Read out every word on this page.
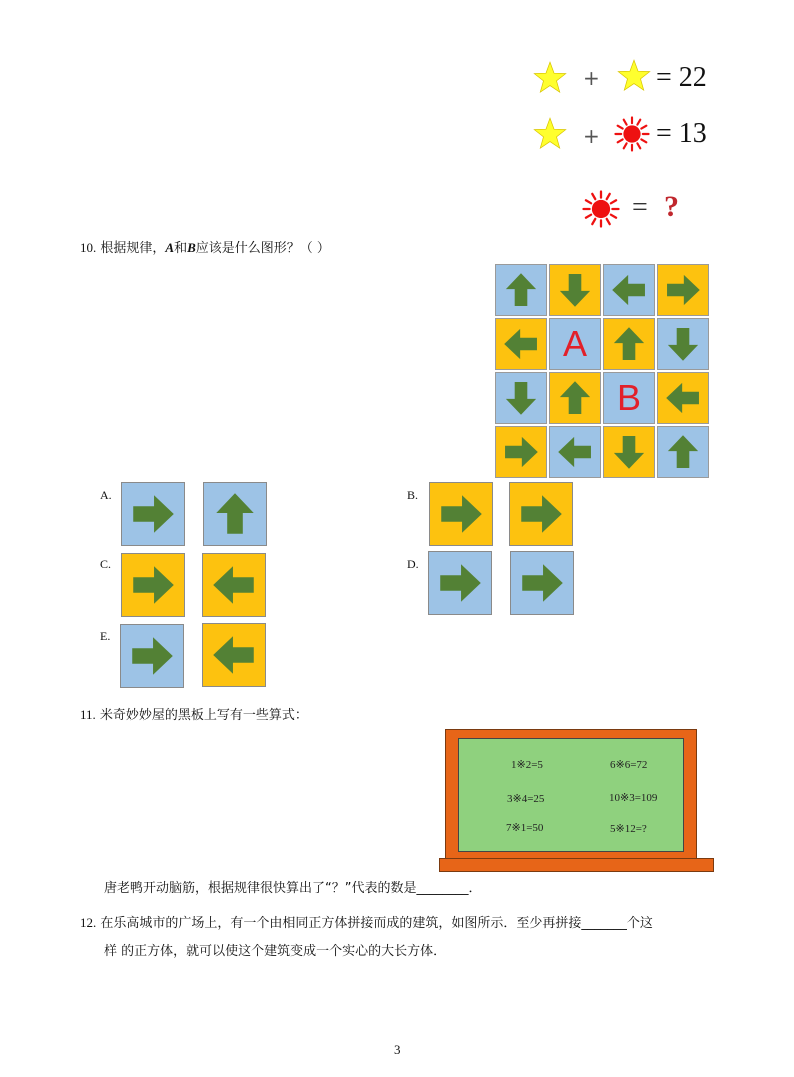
+ = 22
+ = 13
= ?
10. 根据规律，A和B应该是什么图形？（ ）
A
B
A.	B.
C.	D.
E.
11. 米奇妙妙屋的黑板上写有一些算式：
1※2=5	6※6=72
3※4=25	10※3=109
7※1=50	5※12=?
唐老鸭开动脑筋，根据规律很快算出了“？”代表的数是________．
12. 在乐高城市的广场上，有一个由相同正方体拼接而成的建筑，如图所示．至少再拼接_______个这
样 的正方体，就可以使这个建筑变成一个实心的大长方体．
3
